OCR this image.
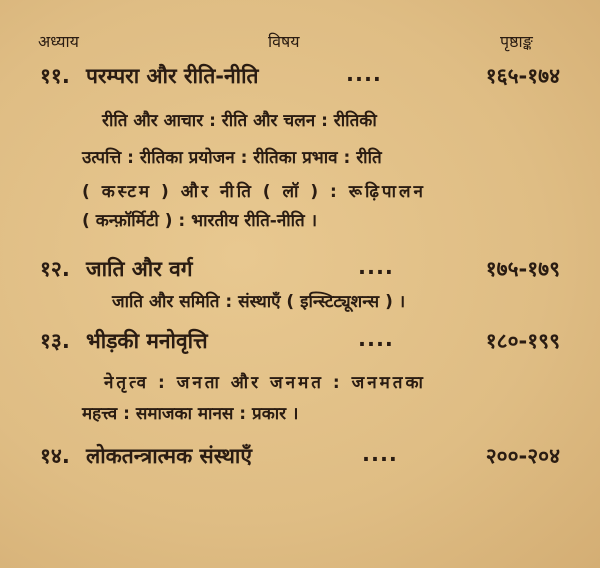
अध्याय	विषय	पृष्ठाङ्क
११. परम्परा और रीति-नीति	....	१६५-१७४
रीति और आचार : रीति और चलन : रीतिकी
उत्पत्ति : रीतिका प्रयोजन : रीतिका प्रभाव : रीति
( कस्टम ) और नीति ( लॉ ) : रूढ़िपालन
( कन्फ़ॉर्मिटी ) : भारतीय रीति-नीति ।
१२. जाति और वर्ग	....	१७५-१७९
जाति और समिति : संस्थाएँ ( इन्स्टिट्यूशन्स ) ।
१३. भीड़की मनोवृत्ति	....	१८०-१९९
नेतृत्व : जनता और जनमत : जनमतका
महत्त्व : समाजका मानस : प्रकार ।
१४. लोकतन्त्रात्मक संस्थाएँ	....	२००-२०४
